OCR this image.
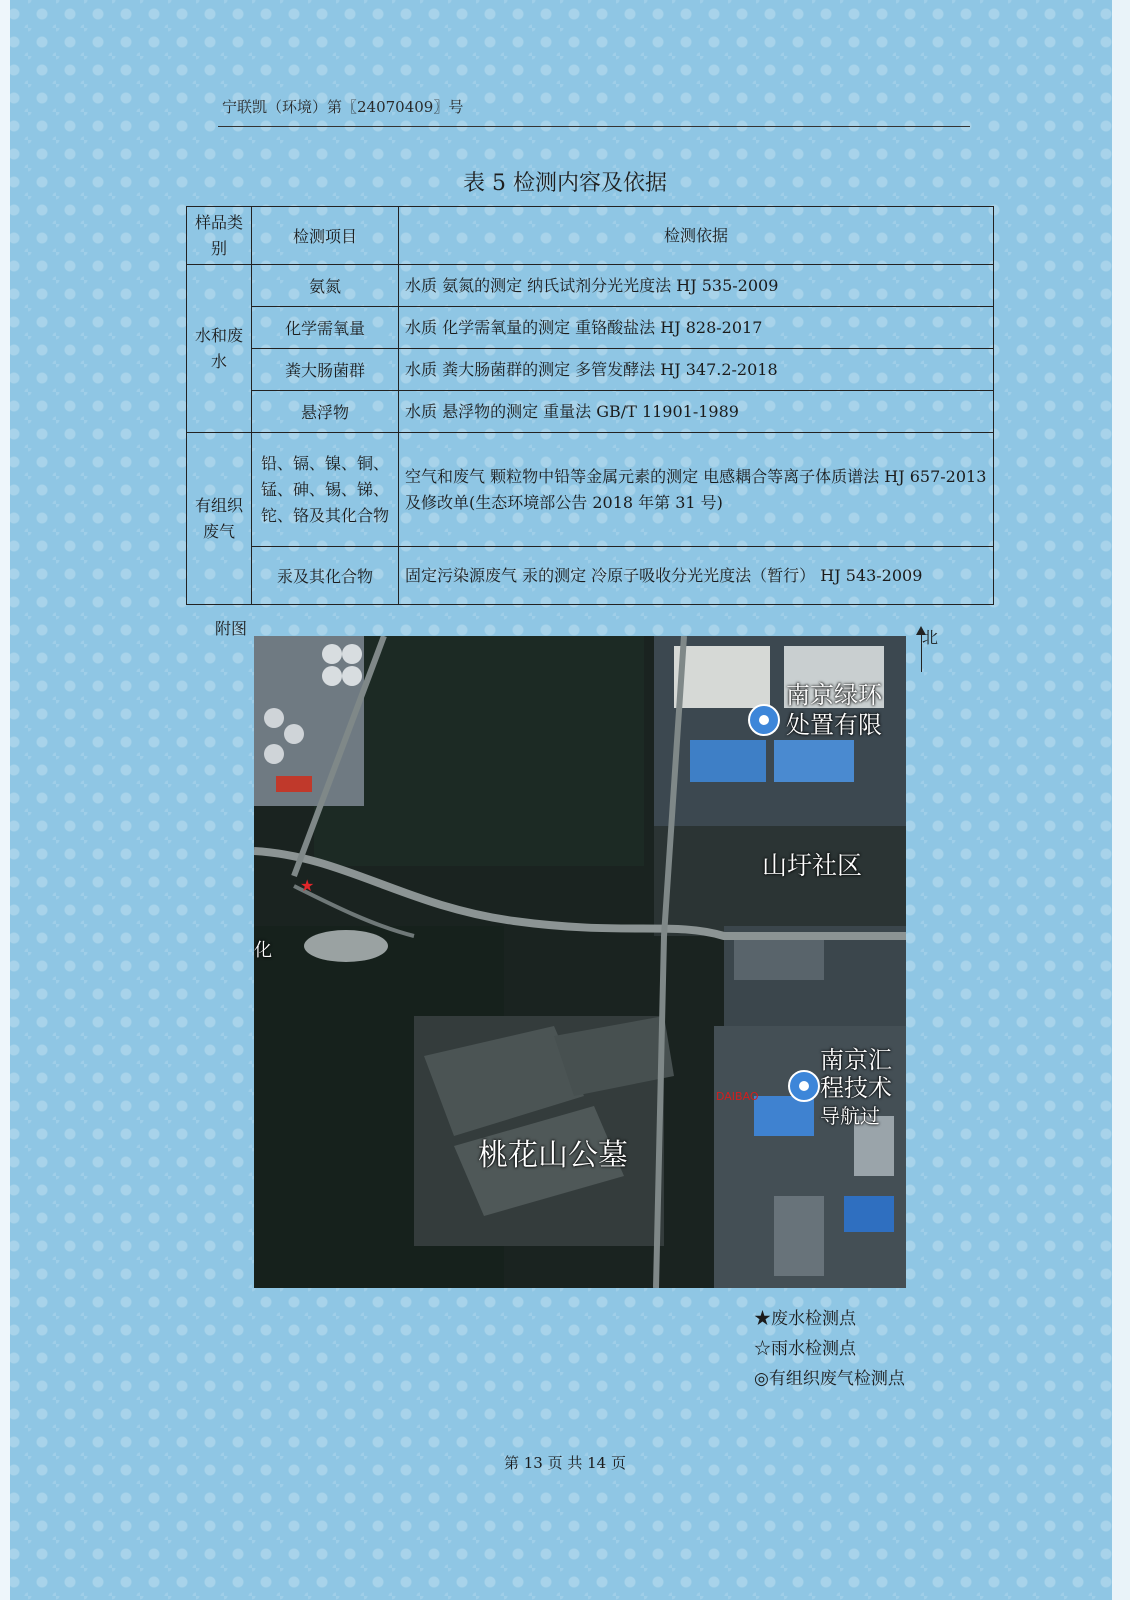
宁联凯（环境）第〖24070409〗号
表 5 检测内容及依据
样品类别	检测项目	检测依据
水和废水	氨氮	水质 氨氮的测定 纳氏试剂分光光度法 HJ 535-2009
	化学需氧量	水质 化学需氧量的测定 重铬酸盐法 HJ 828-2017
	粪大肠菌群	水质 粪大肠菌群的测定 多管发酵法 HJ 347.2-2018
	悬浮物	水质 悬浮物的测定 重量法 GB/T 11901-1989
有组织废气	铅、镉、镍、铜、锰、砷、锡、锑、铊、铬及其化合物	空气和废气 颗粒物中铅等金属元素的测定 电感耦合等离子体质谱法 HJ 657-2013 及修改单(生态环境部公告 2018 年第 31 号)
	汞及其化合物	固定污染源废气 汞的测定 冷原子吸收分光光度法（暂行） HJ 543-2009
附图	北
★
南京绿环
处置有限
山圩社区
南京汇
程技术
导航过
桃花山公墓
化
DAIBAO
★废水检测点
☆雨水检测点
◎有组织废气检测点
第 13 页 共 14 页
